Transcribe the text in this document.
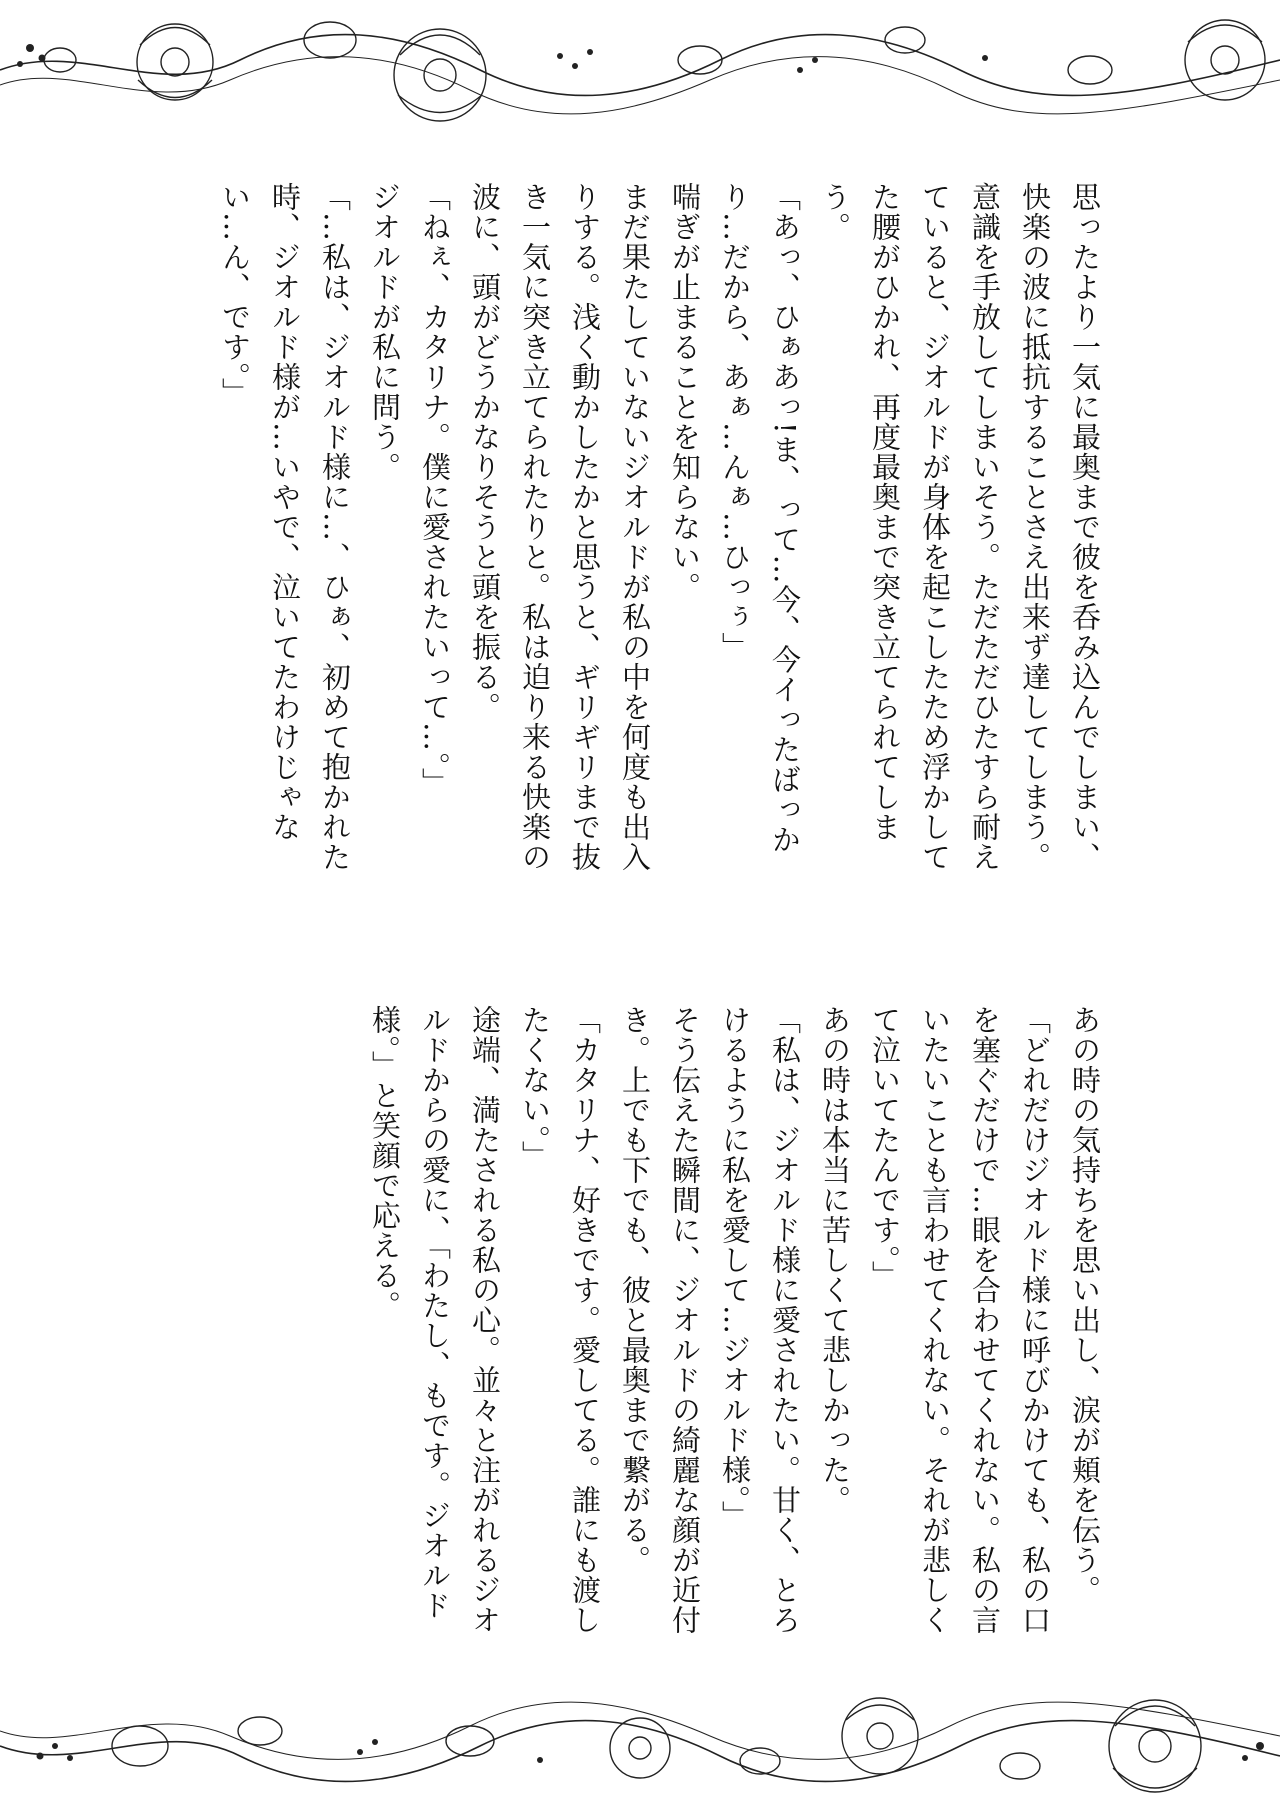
思ったより一気に最奥まで彼を呑み込んでしまい、快楽の波に抵抗することさえ出来ず達してしまう。

意識を手放してしまいそう。ただただひたすら耐えていると、ジオルドが身体を起こしたため浮かしてた腰がひかれ、再度最奥まで突き立てられてしまう。

「あっ、ひぁあっ!ま、って…今、今イったばっかり…だから、あぁ…んぁ…ひっぅ」

喘ぎが止まることを知らない。

まだ果たしていないジオルドが私の中を何度も出入りする。浅く動かしたかと思うと、ギリギリまで抜き一気に突き立てられたりと。私は迫り来る快楽の波に、頭がどうかなりそうと頭を振る。

「ねぇ、カタリナ。僕に愛されたいって…。」

ジオルドが私に問う。

「…私は、ジオルド様に…、ひぁ、初めて抱かれた時、ジオルド様が…いやで、泣いてたわけじゃない…ん、です。」

あの時の気持ちを思い出し、涙が頬を伝う。

「どれだけジオルド様に呼びかけても、私の口を塞ぐだけで…眼を合わせてくれない。私の言いたいことも言わせてくれない。それが悲しくて泣いてたんです。」

あの時は本当に苦しくて悲しかった。

「私は、ジオルド様に愛されたい。甘く、とろけるように私を愛して…ジオルド様。」

そう伝えた瞬間に、ジオルドの綺麗な顔が近付き。上でも下でも、彼と最奥まで繋がる。

「カタリナ、好きです。愛してる。誰にも渡したくない。」

途端、満たされる私の心。並々と注がれるジオルドからの愛に、「わたし、もです。ジオルド様。」と笑顔で応える。
